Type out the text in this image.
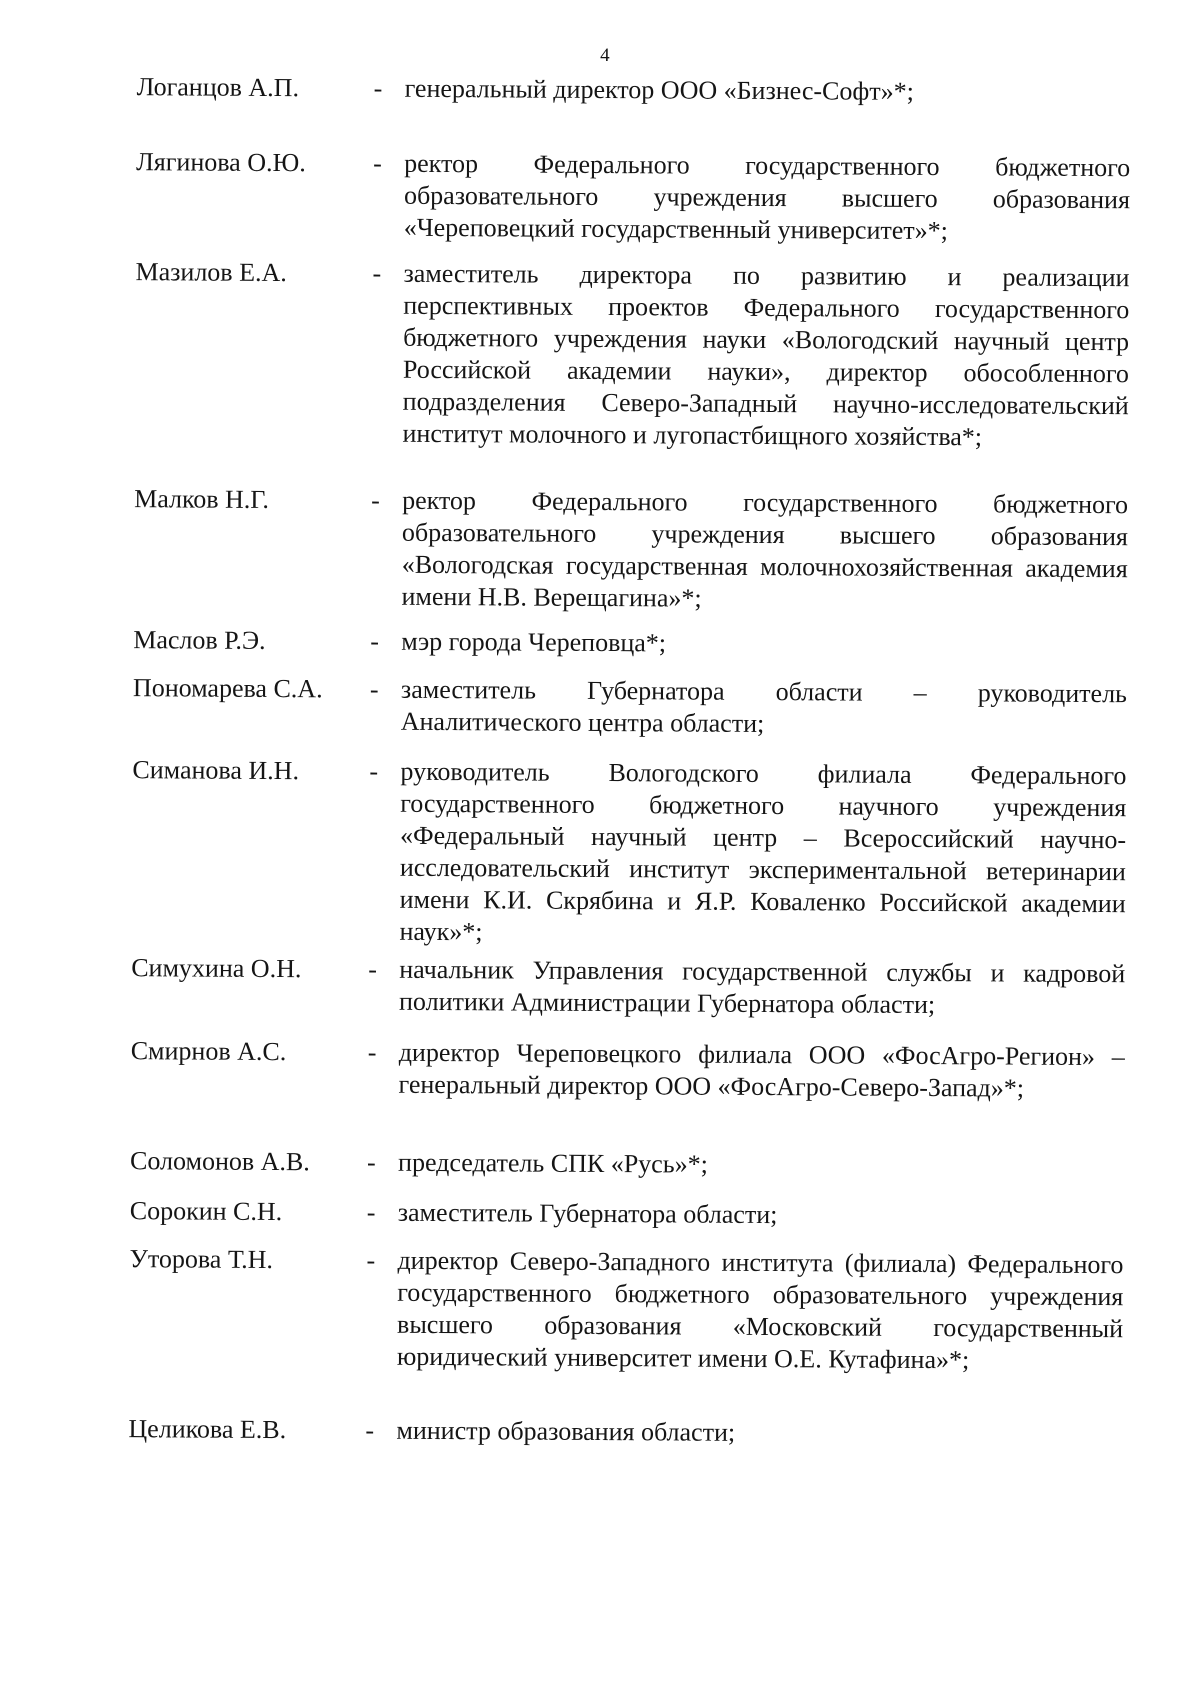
4
Логанцов А.П.	- генеральный директор ООО «Бизнес-Софт»*;
Лягинова О.Ю.	- ректор Федерального государственного бюджетного образовательного учреждения высшего образования «Череповецкий государственный университет»*;
Мазилов Е.А.	- заместитель директора по развитию и реализации перспективных проектов Федерального государственного бюджетного учреждения науки «Вологодский научный центр Российской академии науки», директор обособленного подразделения Северо-Западный научно-исследовательский институт молочного и лугопастбищного хозяйства*;
Малков Н.Г.	- ректор Федерального государственного бюджетного образовательного учреждения высшего образования «Вологодская государственная молочнохозяйственная академия имени Н.В. Верещагина»*;
Маслов Р.Э.	- мэр города Череповца*;
Пономарева С.А. - заместитель Губернатора области – руководитель Аналитического центра области;
Симанова И.Н.	- руководитель Вологодского филиала Федерального государственного бюджетного научного учреждения «Федеральный научный центр – Всероссийский научно-исследовательский институт экспериментальной ветеринарии имени К.И. Скрябина и Я.Р. Коваленко Российской академии наук»*;
Симухина О.Н.	- начальник Управления государственной службы и кадровой политики Администрации Губернатора области;
Смирнов А.С.	- директор Череповецкого филиала ООО «ФосАгро-Регион» – генеральный директор ООО «ФосАгро-Северо-Запад»*;
Соломонов А.В. - председатель СПК «Русь»*;
Сорокин С.Н.	- заместитель Губернатора области;
Уторова Т.Н.	- директор Северо-Западного института (филиала) Федерального государственного бюджетного образовательного учреждения высшего образования «Московский государственный юридический университет имени О.Е. Кутафина»*;
Целикова Е.В.	- министр образования области;
